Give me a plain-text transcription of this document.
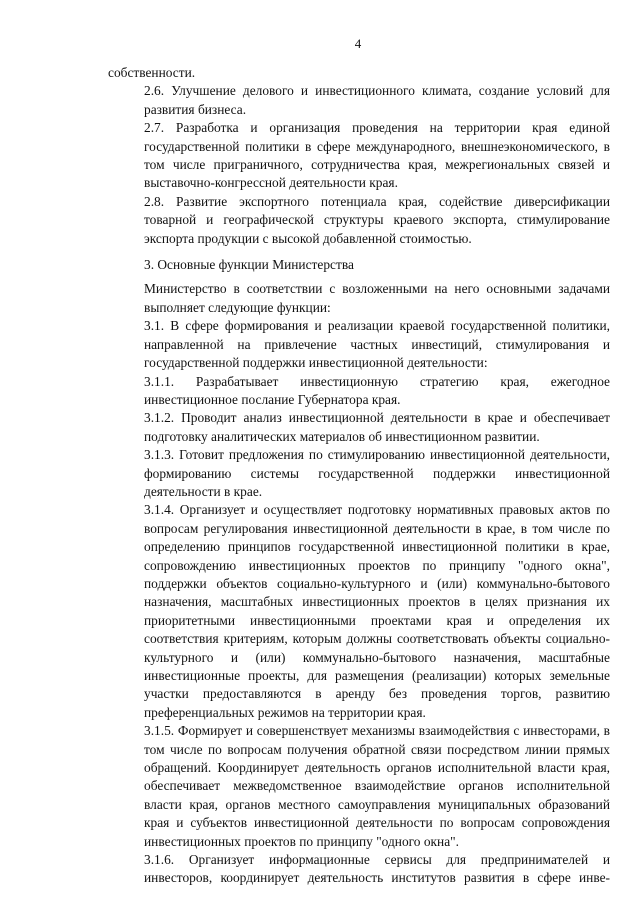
4

собственности.

2.6. Улучшение делового и инвестиционного климата, создание условий для развития бизнеса.

2.7. Разработка и организация проведения на территории края единой государственной политики в сфере международного, внешнеэкономического, в том числе приграничного, сотрудничества края, межрегиональных связей и выставочно-конгрессной деятельности края.

2.8. Развитие экспортного потенциала края, содействие диверсификации товарной и географической структуры краевого экспорта, стимулирование экспорта продукции с высокой добавленной стоимостью.

3. Основные функции Министерства

Министерство в соответствии с возложенными на него основными задачами выполняет следующие функции:

3.1. В сфере формирования и реализации краевой государственной политики, направленной на привлечение частных инвестиций, стимулирования и государственной поддержки инвестиционной деятельности:

3.1.1. Разрабатывает инвестиционную стратегию края, ежегодное инвестиционное послание Губернатора края.

3.1.2. Проводит анализ инвестиционной деятельности в крае и обеспечивает подготовку аналитических материалов об инвестиционном развитии.

3.1.3. Готовит предложения по стимулированию инвестиционной деятельности, формированию системы государственной поддержки инвестиционной деятельности в крае.

3.1.4. Организует и осуществляет подготовку нормативных правовых актов по вопросам регулирования инвестиционной деятельности в крае, в том числе по определению принципов государственной инвестиционной политики в крае, сопровождению инвестиционных проектов по принципу "одного окна", поддержки объектов социально-культурного и (или) коммунально-бытового назначения, масштабных инвестиционных проектов в целях признания их приоритетными инвестиционными проектами края и определения их соответствия критериям, которым должны соответствовать объекты социально-культурного и (или) коммунально-бытового назначения, масштабные инвестиционные проекты, для размещения (реализации) которых земельные участки предоставляются в аренду без проведения торгов, развитию преференциальных режимов на территории края.

3.1.5. Формирует и совершенствует механизмы взаимодействия с инвесторами, в том числе по вопросам получения обратной связи посредством линии прямых обращений. Координирует деятельность органов исполнительной власти края, обеспечивает межведомственное взаимодействие органов исполнительной власти края, органов местного самоуправления муниципальных образований края и субъектов инвестиционной деятельности по вопросам сопровождения инвестиционных проектов по принципу "одного окна".

3.1.6. Организует информационные сервисы для предпринимателей и инвесторов, координирует деятельность институтов развития в сфере инве-
